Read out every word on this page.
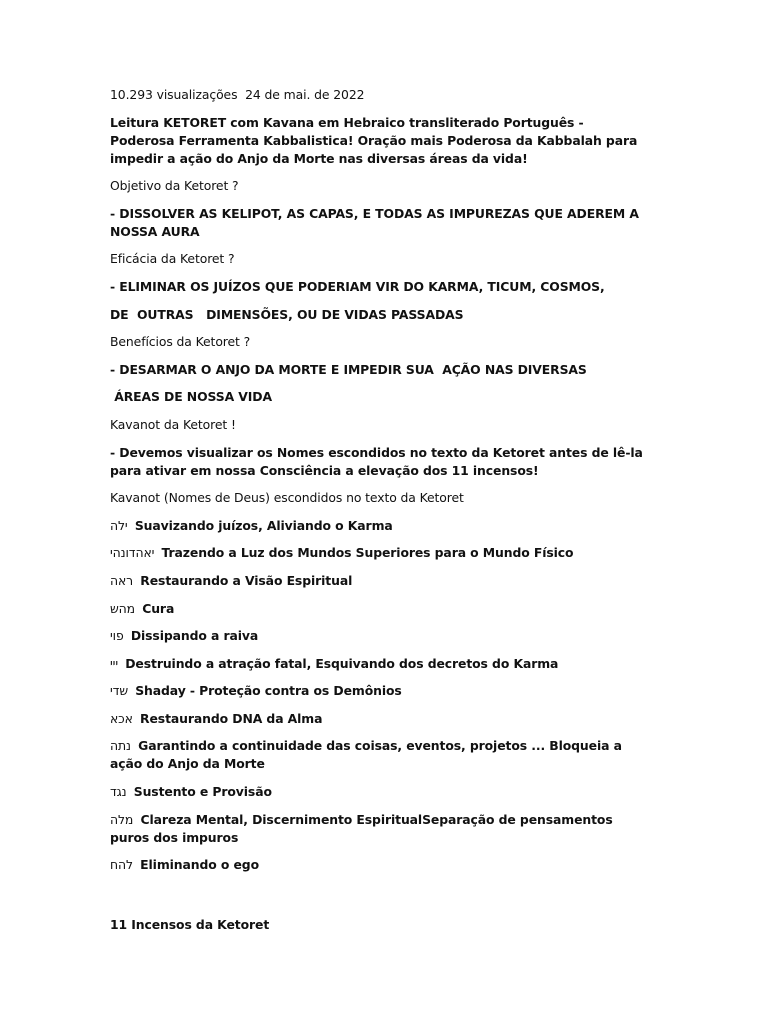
10.293 visualizações 24 de mai. de 2022
Leitura KETORET com Kavana em Hebraico transliterado Português - Poderosa Ferramenta Kabbalistica! Oração mais Poderosa da Kabbalah para impedir a ação do Anjo da Morte nas diversas áreas da vida!
Objetivo da Ketoret ?
- DISSOLVER AS KELIPOT, AS CAPAS, E TODAS AS IMPUREZAS QUE ADEREM A NOSSA AURA
Eficácia da Ketoret ?
- ELIMINAR OS JUÍZOS QUE PODERIAM VIR DO KARMA, TICUM, COSMOS,
DE  OUTRAS   DIMENSÕES, OU DE VIDAS PASSADAS
Benefícios da Ketoret ?
- DESARMAR O ANJO DA MORTE E IMPEDIR SUA  AÇÃO NAS DIVERSAS
ÁREAS DE NOSSA VIDA
Kavanot da Ketoret !
- Devemos visualizar os Nomes escondidos no texto da Ketoret antes de lê-la para ativar em nossa Consciência a elevação dos 11 incensos!
Kavanot (Nomes de Deus) escondidos no texto da Ketoret
ילה Suavizando juízos, Aliviando o Karma
יאהדונהי Trazendo a Luz dos Mundos Superiores para o Mundo Físico
ראה Restaurando a Visão Espiritual
מהש Cura
פוי Dissipando a raiva
ייי Destruindo a atração fatal, Esquivando dos decretos do Karma
שדי Shaday - Proteção contra os Demônios
אכא Restaurando DNA da Alma
נתה Garantindo a continuidade das coisas, eventos, projetos ... Bloqueia a ação do Anjo da Morte
נגד Sustento e Provisão
מלה Clareza Mental, Discernimento EspiritualSeparação de pensamentos puros dos impuros
להח Eliminando o ego
11 Incensos da Ketoret
